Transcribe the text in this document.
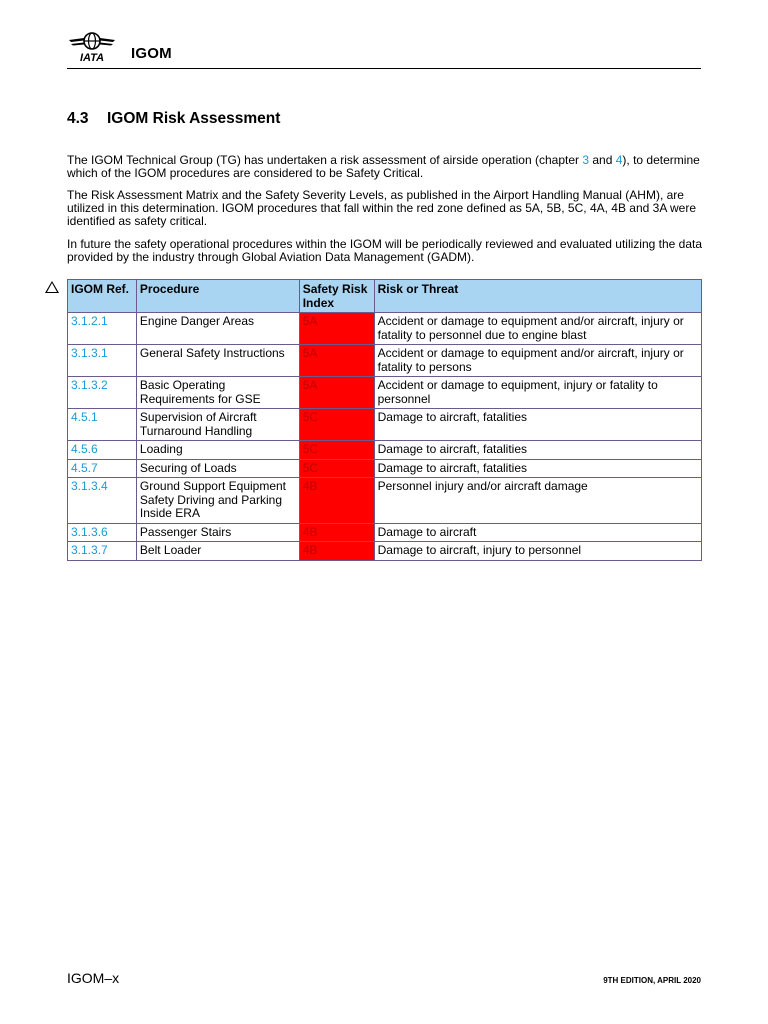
IATA IGOM
4.3 IGOM Risk Assessment
The IGOM Technical Group (TG) has undertaken a risk assessment of airside operation (chapter 3 and 4), to determine which of the IGOM procedures are considered to be Safety Critical.
The Risk Assessment Matrix and the Safety Severity Levels, as published in the Airport Handling Manual (AHM), are utilized in this determination. IGOM procedures that fall within the red zone defined as 5A, 5B, 5C, 4A, 4B and 3A were identified as safety critical.
In future the safety operational procedures within the IGOM will be periodically reviewed and evaluated utilizing the data provided by the industry through Global Aviation Data Management (GADM).
IGOM Ref.	Procedure	Safety Risk Index	Risk or Threat
3.1.2.1	Engine Danger Areas	5A	Accident or damage to equipment and/or aircraft, injury or fatality to personnel due to engine blast
3.1.3.1	General Safety Instructions	5A	Accident or damage to equipment and/or aircraft, injury or fatality to persons
3.1.3.2	Basic Operating Requirements for GSE	5A	Accident or damage to equipment, injury or fatality to personnel
4.5.1	Supervision of Aircraft Turnaround Handling	5C	Damage to aircraft, fatalities
4.5.6	Loading	5C	Damage to aircraft, fatalities
4.5.7	Securing of Loads	5C	Damage to aircraft, fatalities
3.1.3.4	Ground Support Equipment Safety Driving and Parking Inside ERA	4B	Personnel injury and/or aircraft damage
3.1.3.6	Passenger Stairs	4B	Damage to aircraft
3.1.3.7	Belt Loader	4B	Damage to aircraft, injury to personnel
IGOM–x	9TH EDITION, APRIL 2020
